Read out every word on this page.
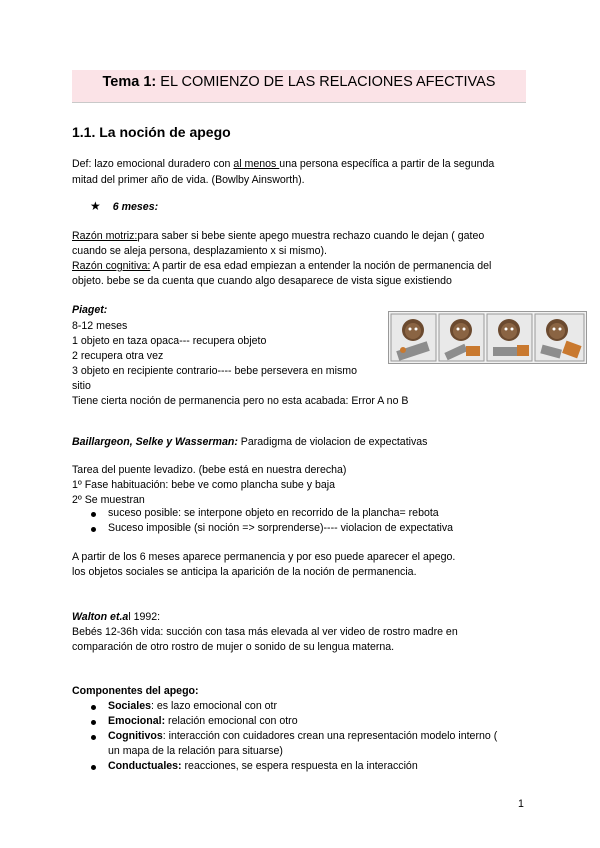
Tema 1: EL COMIENZO DE LAS RELACIONES AFECTIVAS
1.1. La noción de apego
Def: lazo emocional duradero con al menos una persona específica a partir de la segunda
mitad del primer año de vida. (Bowlby Ainsworth).
★ 6 meses:
Razón motriz:para saber si bebe siente apego muestra rechazo cuando le dejan ( gateo
cuando se aleja persona, desplazamiento x si mismo).
Razón cognitiva: A partir de esa edad empiezan a entender la noción de permanencia del
objeto. bebe se da cuenta que cuando algo desaparece de vista sigue existiendo
Piaget:
8-12 meses
1 objeto en taza opaca--- recupera objeto
2 recupera otra vez
3 objeto en recipiente contrario---- bebe persevera en mismo
sitio
Tiene cierta noción de permanencia pero no esta acabada: Error A no B
Baillargeon, Selke y Wasserman: Paradigma de violacion de expectativas
Tarea del puente levadizo. (bebe está en nuestra derecha)
1º Fase habituación: bebe ve como plancha sube y baja
2º Se muestran
suceso posible: se interpone objeto en recorrido de la plancha= rebota
Suceso imposible (si noción => sorprenderse)---- violacion de expectativa
A partir de los 6 meses aparece permanencia y por eso puede aparecer el apego.
los objetos sociales se anticipa la aparición de la noción de permanencia.
Walton et.al 1992:
Bebés 12-36h vida: succión con tasa más elevada al ver video de rostro madre en
comparación de otro rostro de mujer o sonido de su lengua materna.
Componentes del apego:
Sociales: es lazo emocional con otr
Emocional: relación emocional con otro
Cognitivos: interacción con cuidadores crean una representación modelo interno (
un mapa de la relación para situarse)
Conductuales: reacciones, se espera respuesta en la interacción
1
